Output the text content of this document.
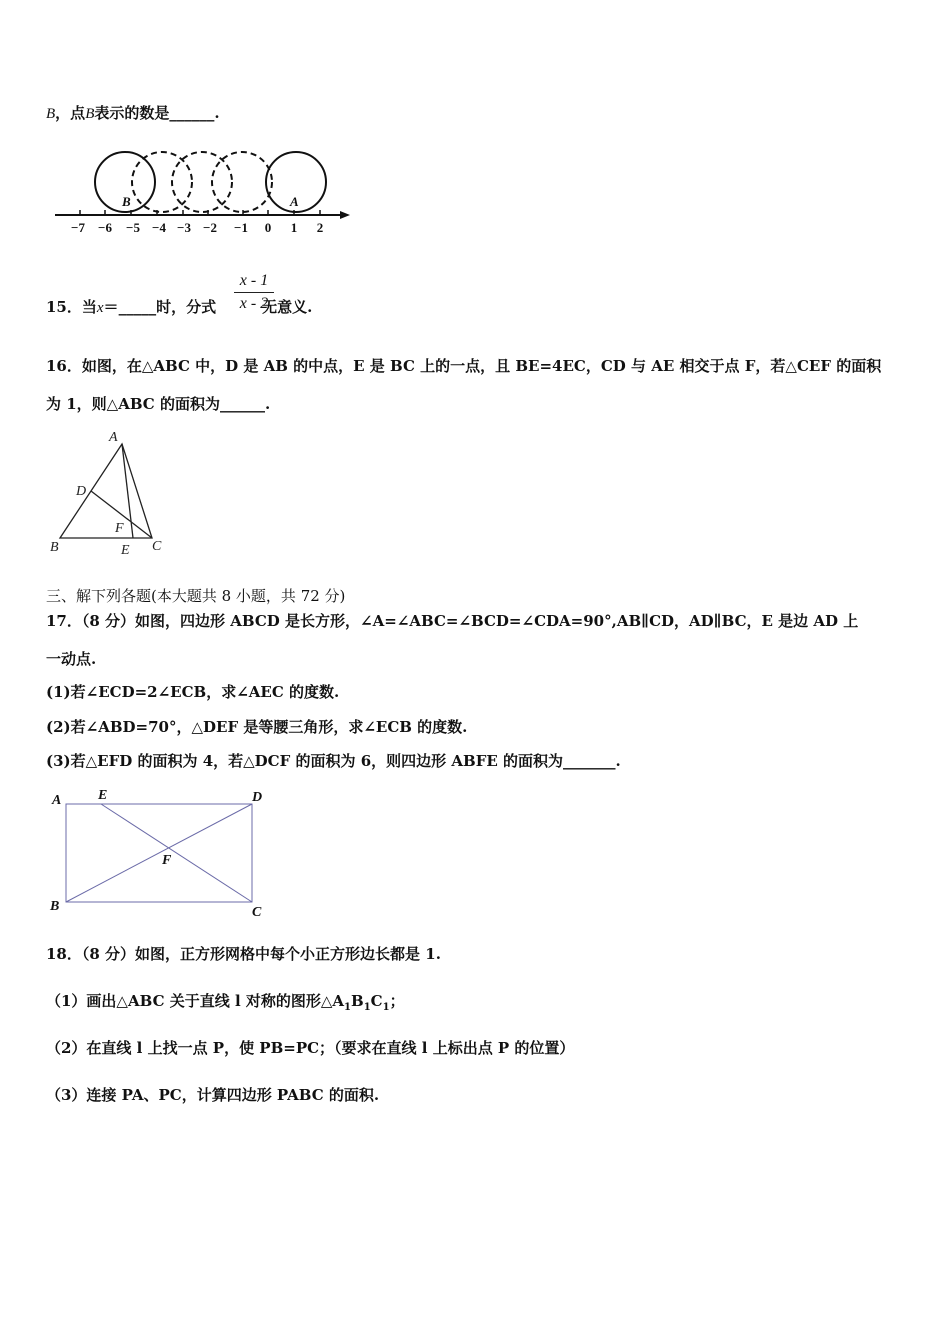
B，点B表示的数是______.
−7 −6 −5 −4 −3 −2 −1 0 1 2
B	A
15．当x＝_____时，分式	无意义.
x - 1
x - 2
16．如图，在△ABC 中，D 是 AB 的中点，E 是 BC 上的一点，且 BE=4EC，CD 与 AE 相交于点 F，若△CEF 的面积
为 1，则△ABC 的面积为______.
A
D
F
B	E C
三、解下列各题(本大题共 8 小题，共 72 分)
17．（8 分）如图，四边形 ABCD 是长方形，∠A=∠ABC=∠BCD=∠CDA=90°,AB∥CD，AD∥BC，E 是边 AD 上
一动点.
(1)若∠ECD=2∠ECB，求∠AEC 的度数.
(2)若∠ABD=70°，△DEF 是等腰三角形，求∠ECB 的度数.
(3)若△EFD 的面积为 4，若△DCF 的面积为 6，则四边形 ABFE 的面积为_______.
A	E	D
F
B	C
18．（8 分）如图，正方形网格中每个小正方形边长都是 1.
（1）画出△ABC 关于直线 l 对称的图形$\triangle A_1B_1C_1$；
（2）在直线 l 上找一点 P，使 PB=PC；（要求在直线 l 上标出点 P 的位置）
（3）连接 PA、PC，计算四边形 PABC 的面积.
